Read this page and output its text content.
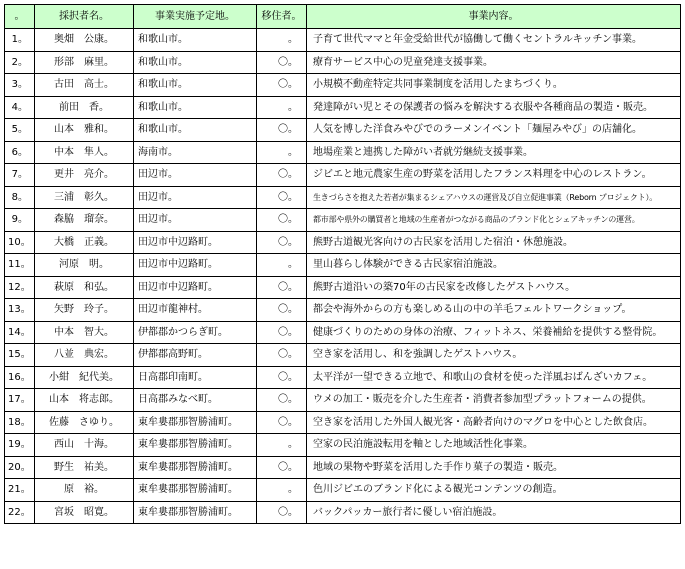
。	採択者名。	事業実施予定地。	移住者。	事業内容。
1。	奥畑　公康。	和歌山市。	。	子育て世代ママと年金受給世代が協働して働くセントラルキッチン事業。
2。	形部　麻里。	和歌山市。	〇。	療育サービス中心の児童発達支援事業。
3。	古田　高士。	和歌山市。	〇。	小規模不動産特定共同事業制度を活用したまちづくり。
4。	前田　香。	和歌山市。	。	発達障がい児とその保護者の悩みを解決する衣服や各種商品の製造・販売。
5。	山本　雅和。	和歌山市。	〇。	人気を博した洋食みやびでのラーメンイベント「麺屋みやび」の店舗化。
6。	中本　隼人。	海南市。	。	地場産業と連携した障がい者就労継続支援事業。
7。	更井　亮介。	田辺市。	〇。	ジビエと地元農家生産の野菜を活用したフランス料理を中心のレストラン。
8。	三浦　彰久。	田辺市。	〇。	生きづらさを抱えた若者が集まるシェアハウスの運営及び自立促進事業（Reborn プロジェクト）。
9。	森脇　瑠奈。	田辺市。	〇。	都市部や県外の購買者と地域の生産者がつながる商品のブランド化とシェアキッチンの運営。
10。	大橋　正義。	田辺市中辺路町。	〇。	熊野古道観光客向けの古民家を活用した宿泊・休憩施設。
11。	河原　明。	田辺市中辺路町。	。	里山暮らし体験ができる古民家宿泊施設。
12。	萩原　和弘。	田辺市中辺路町。	〇。	熊野古道沿いの築70年の古民家を改修したゲストハウス。
13。	矢野　玲子。	田辺市龍神村。	〇。	都会や海外からの方も楽しめる山の中の羊毛フェルトワークショップ。
14。	中本　智大。	伊都郡かつらぎ町。	〇。	健康づくりのための身体の治療、フィットネス、栄養補給を提供する整骨院。
15。	八並　典宏。	伊都郡高野町。	〇。	空き家を活用し、和を強調したゲストハウス。
16。	小紺　紀代美。	日高郡印南町。	〇。	太平洋が一望できる立地で、和歌山の食材を使った洋風おばんざいカフェ。
17。	山本　将志郎。	日高郡みなべ町。	〇。	ウメの加工・販売を介した生産者・消費者参加型プラットフォームの提供。
18。	佐藤　さゆり。	東牟婁郡那智勝浦町。	〇。	空き家を活用した外国人観光客・高齢者向けのマグロを中心とした飲食店。
19。	西山　十海。	東牟婁郡那智勝浦町。	。	空家の民泊施設転用を軸とした地域活性化事業。
20。	野生　祐美。	東牟婁郡那智勝浦町。	〇。	地域の果物や野菜を活用した手作り菓子の製造・販売。
21。	原　裕。	東牟婁郡那智勝浦町。	。	色川ジビエのブランド化による観光コンテンツの創造。
22。	宮坂　昭寛。	東牟婁郡那智勝浦町。	〇。	バックパッカー旅行者に優しい宿泊施設。
